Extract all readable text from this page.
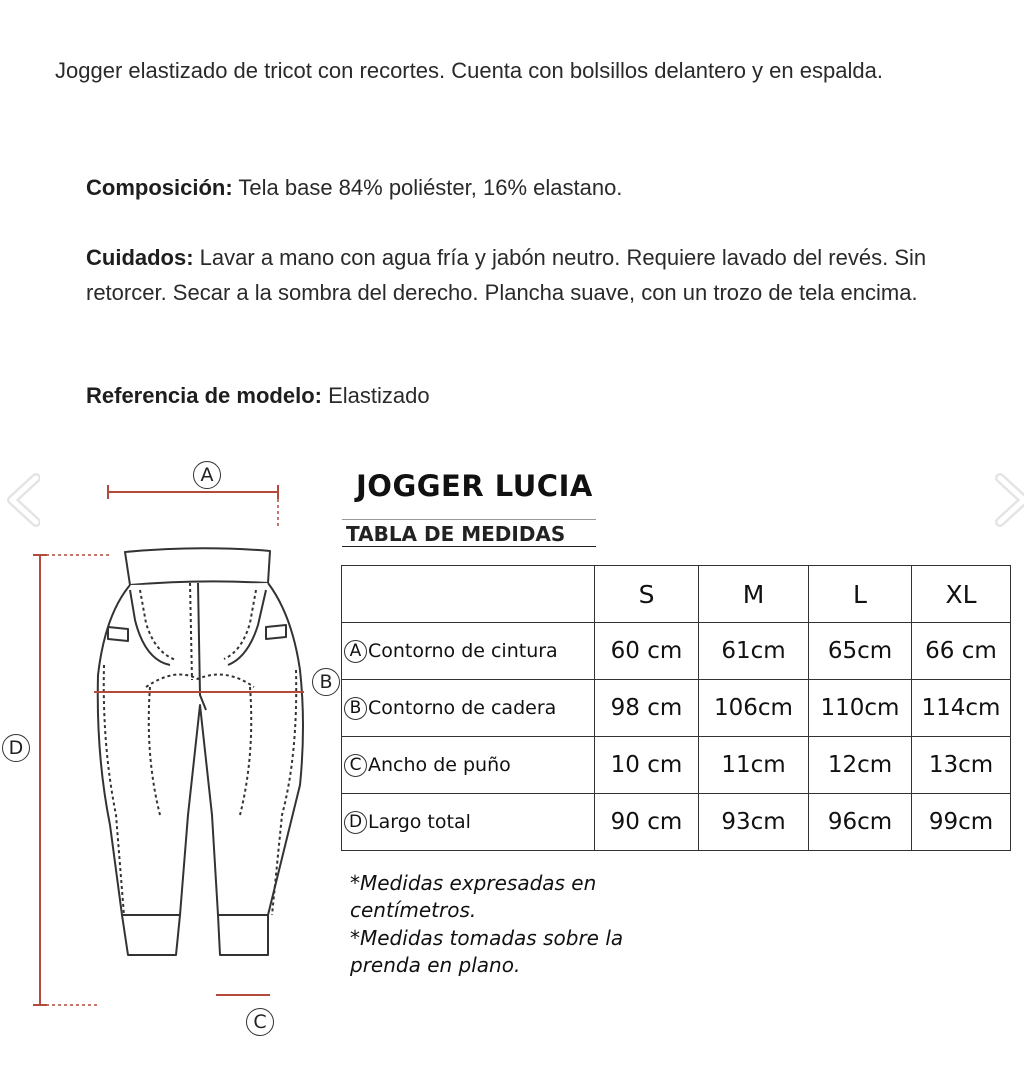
Jogger elastizado de tricot con recortes. Cuenta con bolsillos delantero y en espalda.
Composición: Tela base 84% poliéster, 16% elastano.
Cuidados: Lavar a mano con agua fría y jabón neutro. Requiere lavado del revés. Sin retorcer. Secar a la sombra del derecho. Plancha suave, con un trozo de tela encima.
Referencia de modelo: Elastizado
A
B
C
D
JOGGER LUCIA
TABLA DE MEDIDAS
	S	M	L	XL
A Contorno de cintura	60 cm	61cm	65cm	66 cm
B Contorno de cadera	98 cm	106cm	110cm	114cm
C Ancho de puño	10 cm	11cm	12cm	13cm
D Largo total	90 cm	93cm	96cm	99cm
*Medidas expresadas en centímetros.
*Medidas tomadas sobre la prenda en plano.
